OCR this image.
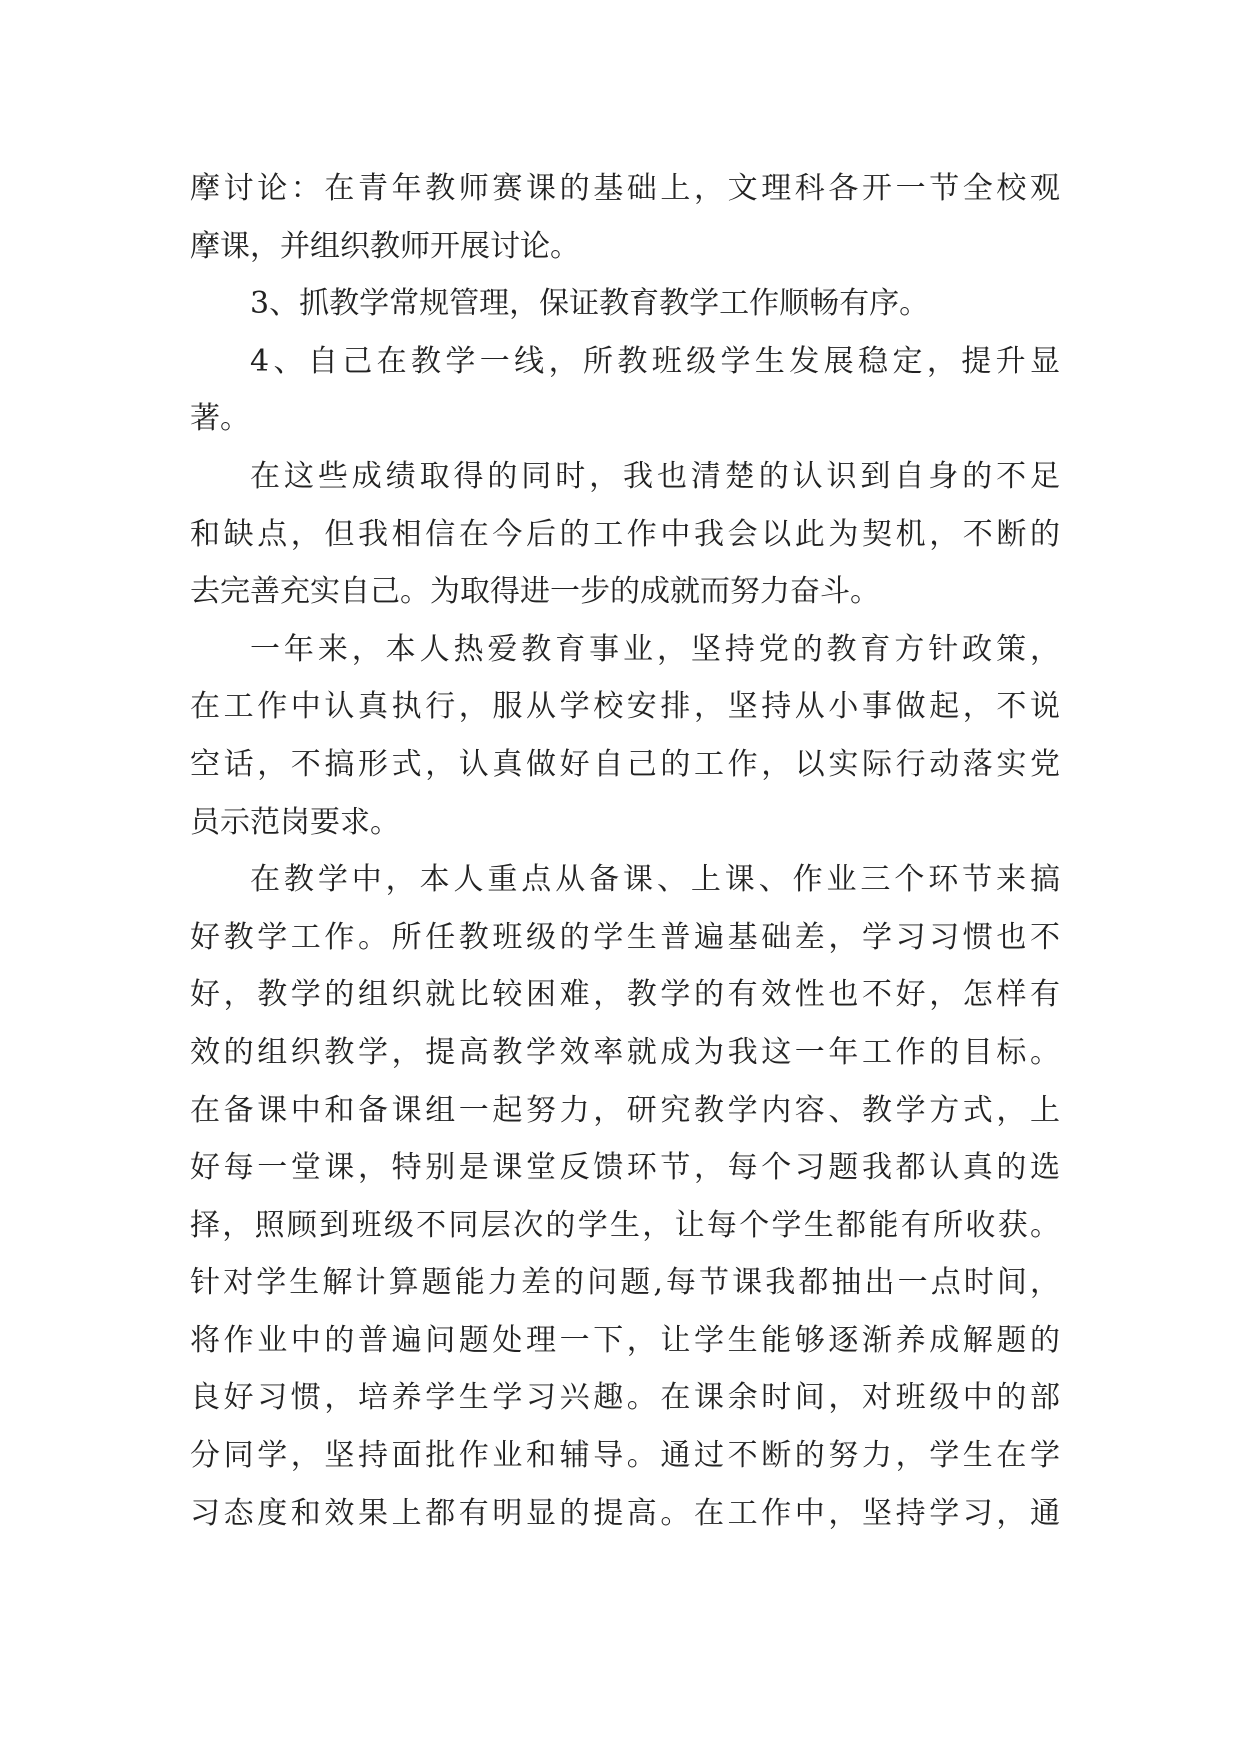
摩讨论：在青年教师赛课的基础上，文理科各开一节全校观
摩课，并组织教师开展讨论。
3、抓教学常规管理，保证教育教学工作顺畅有序。
4、自己在教学一线，所教班级学生发展稳定，提升显
著。
在这些成绩取得的同时，我也清楚的认识到自身的不足
和缺点，但我相信在今后的工作中我会以此为契机，不断的
去完善充实自己。为取得进一步的成就而努力奋斗。
一年来，本人热爱教育事业，坚持党的教育方针政策，
在工作中认真执行，服从学校安排，坚持从小事做起，不说
空话，不搞形式，认真做好自己的工作，以实际行动落实党
员示范岗要求。
在教学中，本人重点从备课、上课、作业三个环节来搞
好教学工作。所任教班级的学生普遍基础差，学习习惯也不
好，教学的组织就比较困难，教学的有效性也不好，怎样有
效的组织教学，提高教学效率就成为我这一年工作的目标。
在备课中和备课组一起努力，研究教学内容、教学方式，上
好每一堂课，特别是课堂反馈环节，每个习题我都认真的选
择，照顾到班级不同层次的学生，让每个学生都能有所收获。
针对学生解计算题能力差的问题,每节课我都抽出一点时间，
将作业中的普遍问题处理一下，让学生能够逐渐养成解题的
良好习惯，培养学生学习兴趣。在课余时间，对班级中的部
分同学，坚持面批作业和辅导。通过不断的努力，学生在学
习态度和效果上都有明显的提高。在工作中，坚持学习，通
